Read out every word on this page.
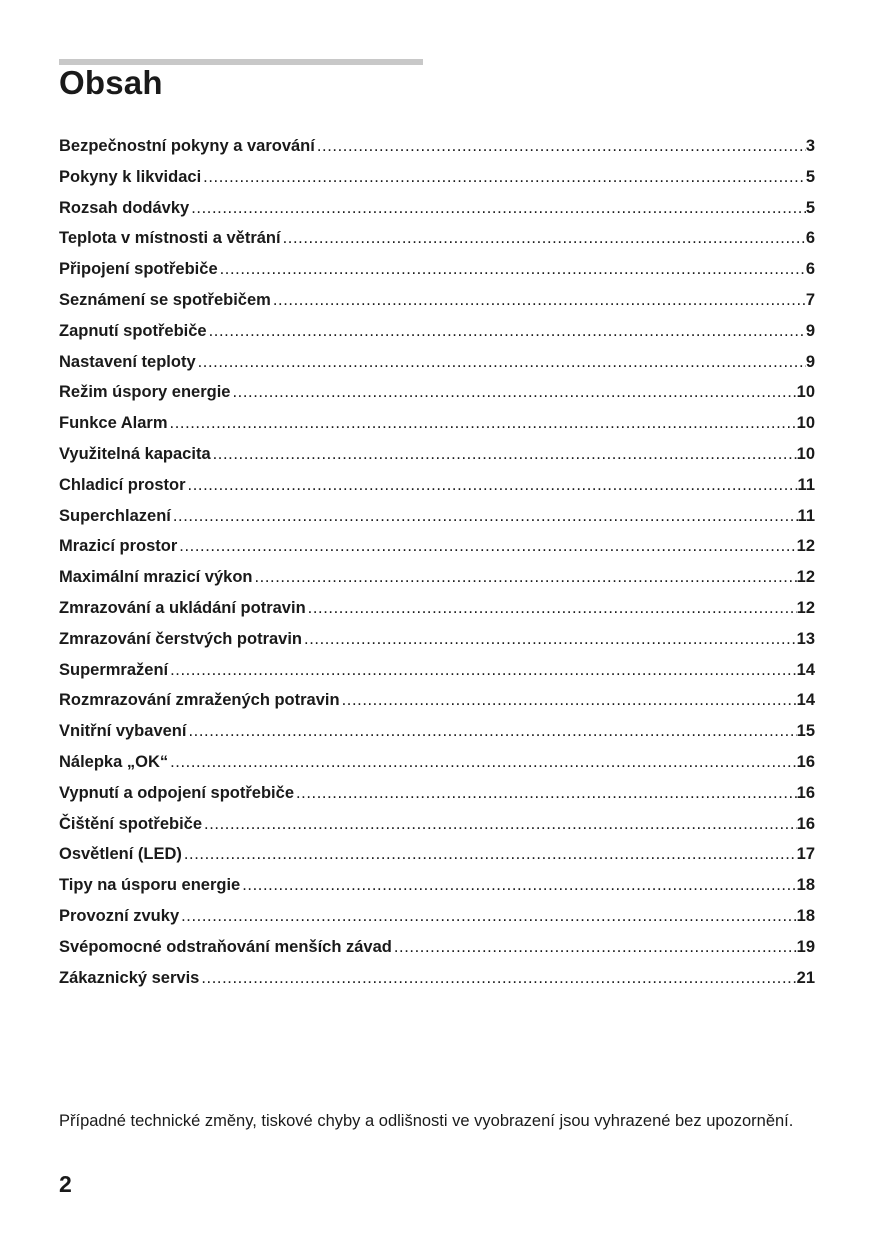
Obsah
Bezpečnostní pokyny a varování .....	3
Pokyny k likvidaci .....	5
Rozsah dodávky .....	5
Teplota v místnosti a větrání .....	6
Připojení spotřebiče .....	6
Seznámení se spotřebičem .....	7
Zapnutí spotřebiče .....	9
Nastavení teploty .....	9
Režim úspory energie .....	10
Funkce Alarm .....	10
Využitelná kapacita .....	10
Chladicí prostor .....	11
Superchlazení .....	11
Mrazicí prostor .....	12
Maximální mrazicí výkon .....	12
Zmrazování a ukládání potravin .....	12
Zmrazování čerstvých potravin .....	13
Supermražení .....	14
Rozmrazování zmražených potravin .....	14
Vnitřní vybavení .....	15
Nálepka „OK“ .....	16
Vypnutí a odpojení spotřebiče .....	16
Čištění spotřebiče .....	16
Osvětlení (LED) .....	17
Tipy na úsporu energie .....	18
Provozní zvuky .....	18
Svépomocné odstraňování menších závad .....	19
Zákaznický servis .....	21

Případné technické změny, tiskové chyby a odlišnosti ve vyobrazení jsou vyhrazené bez upozornění.

2
